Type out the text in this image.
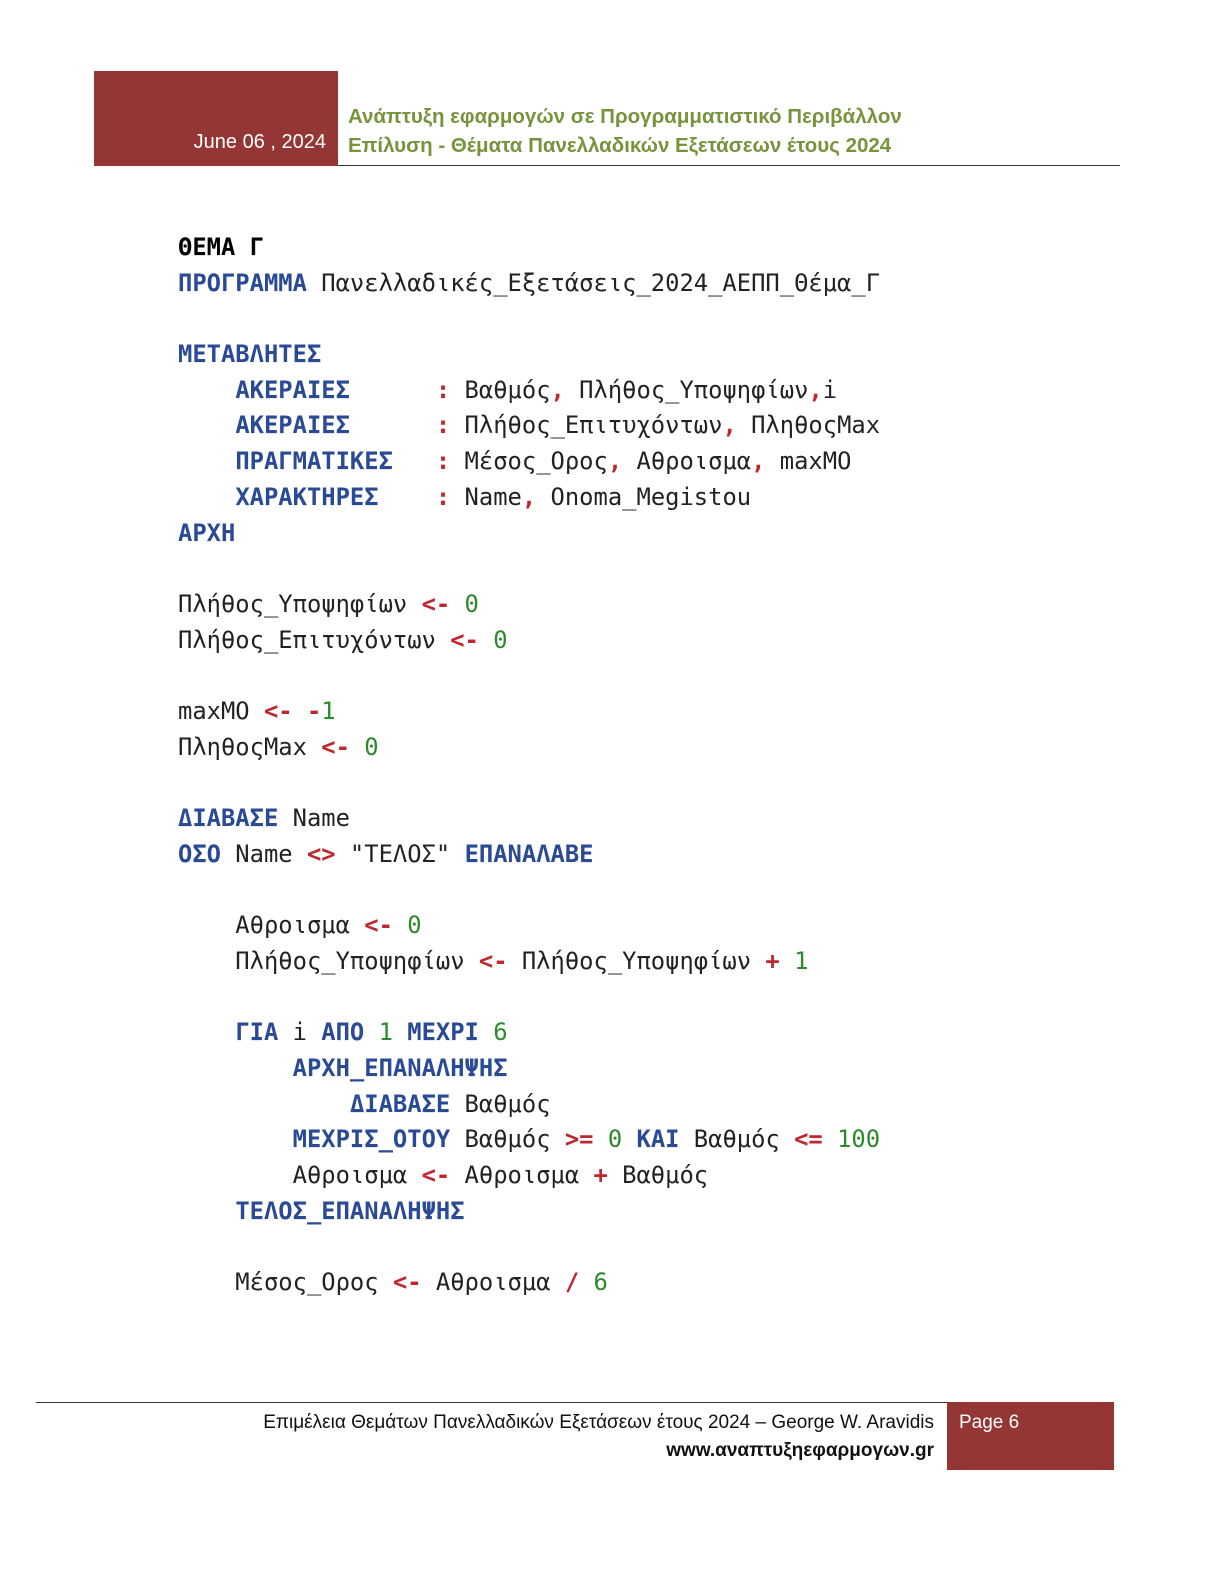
June 06 , 2024
Ανάπτυξη εφαρμογών σε Προγραμματιστικό Περιβάλλον
Επίλυση - Θέματα Πανελλαδικών Εξετάσεων έτους 2024
ΘΕΜΑ Γ
ΠΡΟΓΡΑΜΜΑ Πανελλαδικές_Εξετάσεις_2024_ΑΕΠΠ_Θέμα_Γ

ΜΕΤΑΒΛΗΤΕΣ
ΑΚΕΡΑΙΕΣ	: Βαθμός, Πλήθος_Υποψηφίων,i
ΑΚΕΡΑΙΕΣ	: Πλήθος_Επιτυχόντων, ΠληθοςMax
ΠΡΑΓΜΑΤΙΚΕΣ : Μέσος_Ορος, Αθροισμα, maxΜΟ
ΧΑΡΑΚΤΗΡΕΣ : Name, Onoma_Megistou
ΑΡΧΗ

Πλήθος_Υποψηφίων <- 0
Πλήθος_Επιτυχόντων <- 0

maxΜΟ <- -1
ΠληθοςMax <- 0

ΔΙΑΒΑΣΕ Name
ΟΣΟ Name <> "ΤΕΛΟΣ" ΕΠΑΝΑΛΑΒΕ

Αθροισμα <- 0
Πλήθος_Υποψηφίων <- Πλήθος_Υποψηφίων + 1

ΓΙΑ i ΑΠΟ 1 ΜΕΧΡΙ 6
ΑΡΧΗ_ΕΠΑΝΑΛΗΨΗΣ
ΔΙΑΒΑΣΕ Βαθμός
ΜΕΧΡΙΣ_ΟΤΟΥ Βαθμός >= 0 ΚΑΙ Βαθμός <= 100
Αθροισμα <- Αθροισμα + Βαθμός
ΤΕΛΟΣ_ΕΠΑΝΑΛΗΨΗΣ

Μέσος_Ορος <- Αθροισμα / 6
Επιμέλεια Θεμάτων Πανελλαδικών Εξετάσεων έτους 2024 – George W. Aravidis
www.αναπτυξηεφαρμογων.gr
Page 6
